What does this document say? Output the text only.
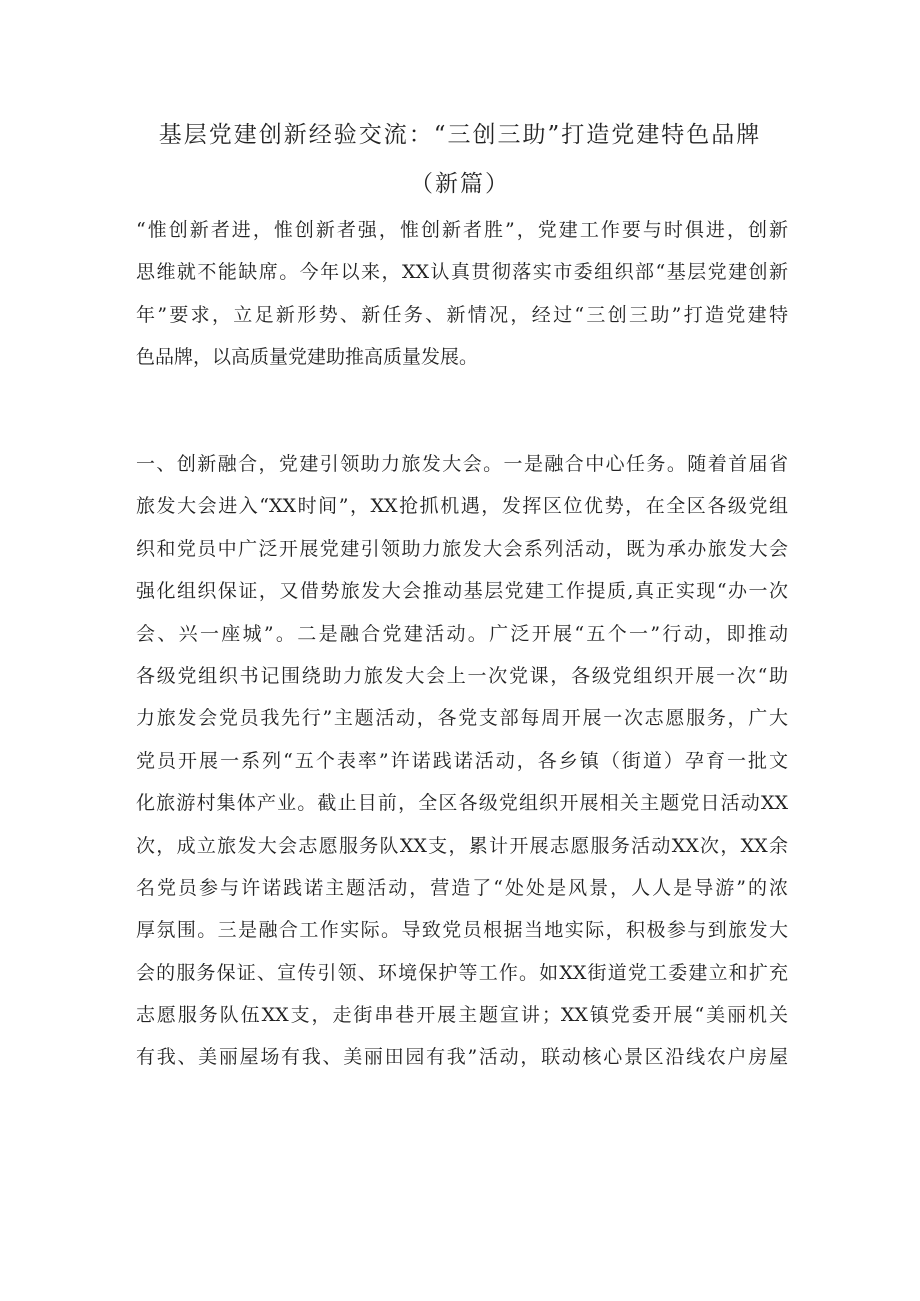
基层党建创新经验交流：“三创三助”打造党建特色品牌
（新篇）
“惟创新者进，惟创新者强，惟创新者胜”，党建工作要与时俱进，创新
思维就不能缺席。今年以来，XX认真贯彻落实市委组织部“基层党建创新
年”要求，立足新形势、新任务、新情况，经过“三创三助”打造党建特
色品牌，以高质量党建助推高质量发展。
一、创新融合，党建引领助力旅发大会。一是融合中心任务。随着首届省
旅发大会进入“XX时间”，XX抢抓机遇，发挥区位优势，在全区各级党组
织和党员中广泛开展党建引领助力旅发大会系列活动，既为承办旅发大会
强化组织保证，又借势旅发大会推动基层党建工作提质,真正实现“办一次
会、兴一座城”。二是融合党建活动。广泛开展“五个一”行动，即推动
各级党组织书记围绕助力旅发大会上一次党课，各级党组织开展一次“助
力旅发会党员我先行”主题活动，各党支部每周开展一次志愿服务，广大
党员开展一系列“五个表率”许诺践诺活动，各乡镇（街道）孕育一批文
化旅游村集体产业。截止目前，全区各级党组织开展相关主题党日活动XX
次，成立旅发大会志愿服务队XX支，累计开展志愿服务活动XX次，XX余
名党员参与许诺践诺主题活动，营造了“处处是风景，人人是导游”的浓
厚氛围。三是融合工作实际。导致党员根据当地实际，积极参与到旅发大
会的服务保证、宣传引领、环境保护等工作。如XX街道党工委建立和扩充
志愿服务队伍XX支，走街串巷开展主题宣讲；XX镇党委开展“美丽机关
有我、美丽屋场有我、美丽田园有我”活动，联动核心景区沿线农户房屋
